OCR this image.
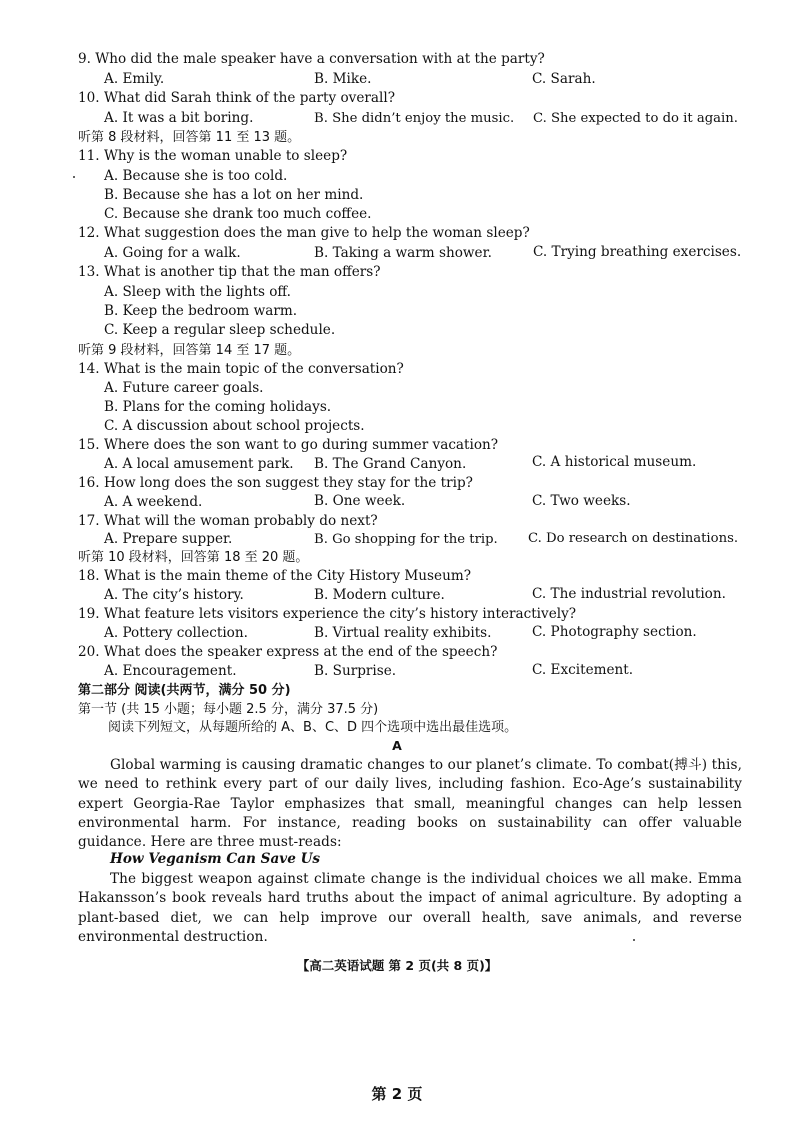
9. Who did the male speaker have a conversation with at the party?
A. Emily.	B. Mike.	C. Sarah.
10. What did Sarah think of the party overall?
A. It was a bit boring.	B. She didn’t enjoy the music. C. She expected to do it again.
听第 8 段材料，回答第 11 至 13 题。
11. Why is the woman unable to sleep?
A. Because she is too cold.
B. Because she has a lot on her mind.
C. Because she drank too much coffee.
12. What suggestion does the man give to help the woman sleep?
A. Going for a walk.	B. Taking a warm shower.	C. Trying breathing exercises.
13. What is another tip that the man offers?
A. Sleep with the lights off.
B. Keep the bedroom warm.
C. Keep a regular sleep schedule.
听第 9 段材料，回答第 14 至 17 题。
14. What is the main topic of the conversation?
A. Future career goals.
B. Plans for the coming holidays.
C. A discussion about school projects.
15. Where does the son want to go during summer vacation?
A. A local amusement park. B. The Grand Canyon.	C. A historical museum.
16. How long does the son suggest they stay for the trip?
A. A weekend.	B. One week.	C. Two weeks.
17. What will the woman probably do next?
A. Prepare supper.	B. Go shopping for the trip. C. Do research on destinations.
听第 10 段材料，回答第 18 至 20 题。
18. What is the main theme of the City History Museum?
A. The city’s history.	B. Modern culture.	C. The industrial revolution.
19. What feature lets visitors experience the city’s history interactively?
A. Pottery collection.	B. Virtual reality exhibits.	C. Photography section.
20. What does the speaker express at the end of the speech?
A. Encouragement.	B. Surprise.	C. Excitement.
第二部分 阅读(共两节，满分 50 分)
第一节 (共 15 小题；每小题 2.5 分，满分 37.5 分)
阅读下列短文，从每题所给的 A、B、C、D 四个选项中选出最佳选项。
A
Global warming is causing dramatic changes to our planet’s climate. To combat(搏斗) this, we need to rethink every part of our daily lives, including fashion. Eco-Age’s sustainability expert Georgia-Rae Taylor emphasizes that small, meaningful changes can help lessen environmental harm. For instance, reading books on sustainability can offer valuable guidance. Here are three must-reads:
How Veganism Can Save Us
The biggest weapon against climate change is the individual choices we all make. Emma Hakansson’s book reveals hard truths about the impact of animal agriculture. By adopting a plant-based diet, we can help improve our overall health, save animals, and reverse environmental destruction.
【高二英语试题 第 2 页(共 8 页)】
第 2 页
